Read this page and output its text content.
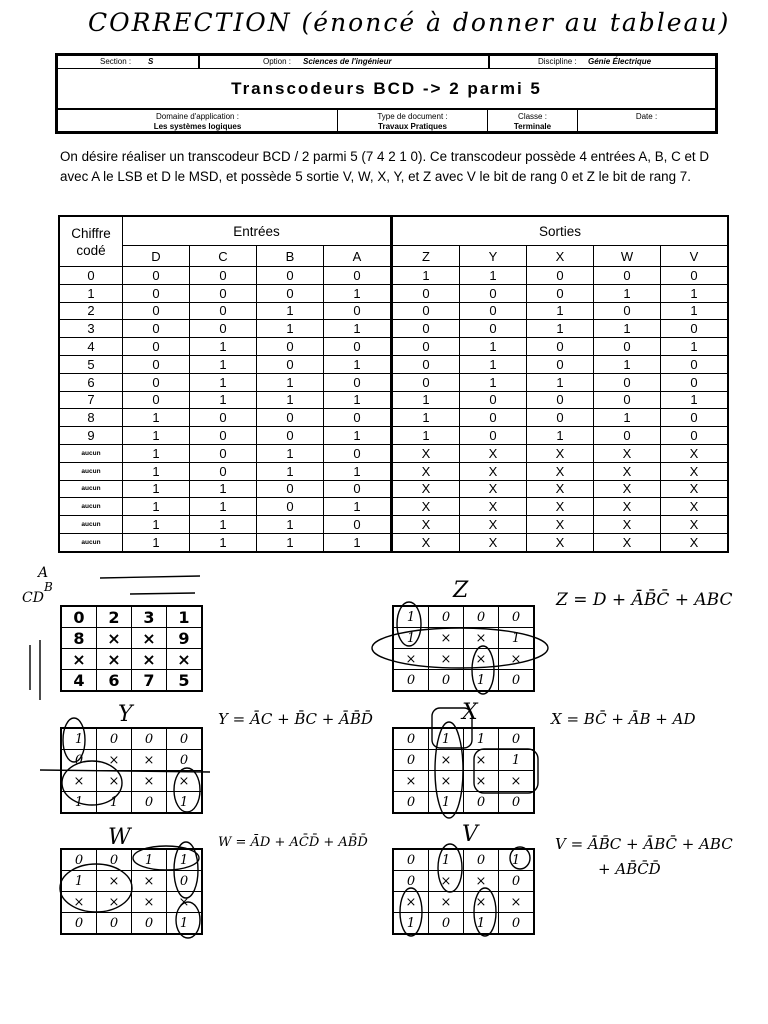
CORRECTION (énoncé à donner au tableau)
Section : S	Option : Sciences de l'ingénieur	Discipline : Génie Électrique
Transcodeurs BCD -> 2 parmi 5
Domaine d'application :
Les systèmes logiques
Type de document :
Travaux Pratiques
Classe :
Terminale
Date :
On désire réaliser un transcodeur BCD / 2 parmi 5 (7 4 2 1 0). Ce transcodeur possède 4 entrées A, B, C et D avec A le LSB et D le MSD, et possède 5 sortie V, W, X, Y, et Z avec V le bit de rang 0 et Z le bit de rang 7.
Chiffre codé	Entrées				Sorties				
	D	C	B	A	Z	Y	X	W	V
0	0	0	0	0	1	1	0	0	0
1	0	0	0	1	0	0	0	1	1
2	0	0	1	0	0	0	1	0	1
3	0	0	1	1	0	0	1	1	0
4	0	1	0	0	0	1	0	0	1
5	0	1	0	1	0	1	0	1	0
6	0	1	1	0	0	1	1	0	0
7	0	1	1	1	1	0	0	0	1
8	1	0	0	0	1	0	0	1	0
9	1	0	0	1	1	0	1	0	0
aucun	1	0	1	0	X	X	X	X	X
aucun	1	0	1	1	X	X	X	X	X
aucun	1	1	0	0	X	X	X	X	X
aucun	1	1	0	1	X	X	X	X	X
aucun	1	1	1	0	X	X	X	X	X
aucun	1	1	1	1	X	X	X	X	X
A
B
CD
0	2	3	1
8	×	×	9
×	×	×	×
4	6	7	5
Z
1	0	0	0
1	×	×	1
×	×	×	×
0	0	1	0
Z = D + ĀB̄C̄ + ABC
Y
1	0	0	0
0	×	×	0
×	×	×	×
1	1	0	1
Y = ĀC + B̄C + ĀB̄D̄	X
0	1	1	0
0	×	×	1
×	×	×	×
0	1	0	0
X = BC̄ + ĀB + AD
W
0	0	1	1
1	×	×	0
×	×	×	×
0	0	0	1
W = ĀD + AC̄D̄ + AB̄D̄	V
0	1	0	1
0	×	×	0
×	×	×	×
1	0	1	0
V = ĀB̄C + ĀBC̄ + ABC
+ AB̄C̄D̄
